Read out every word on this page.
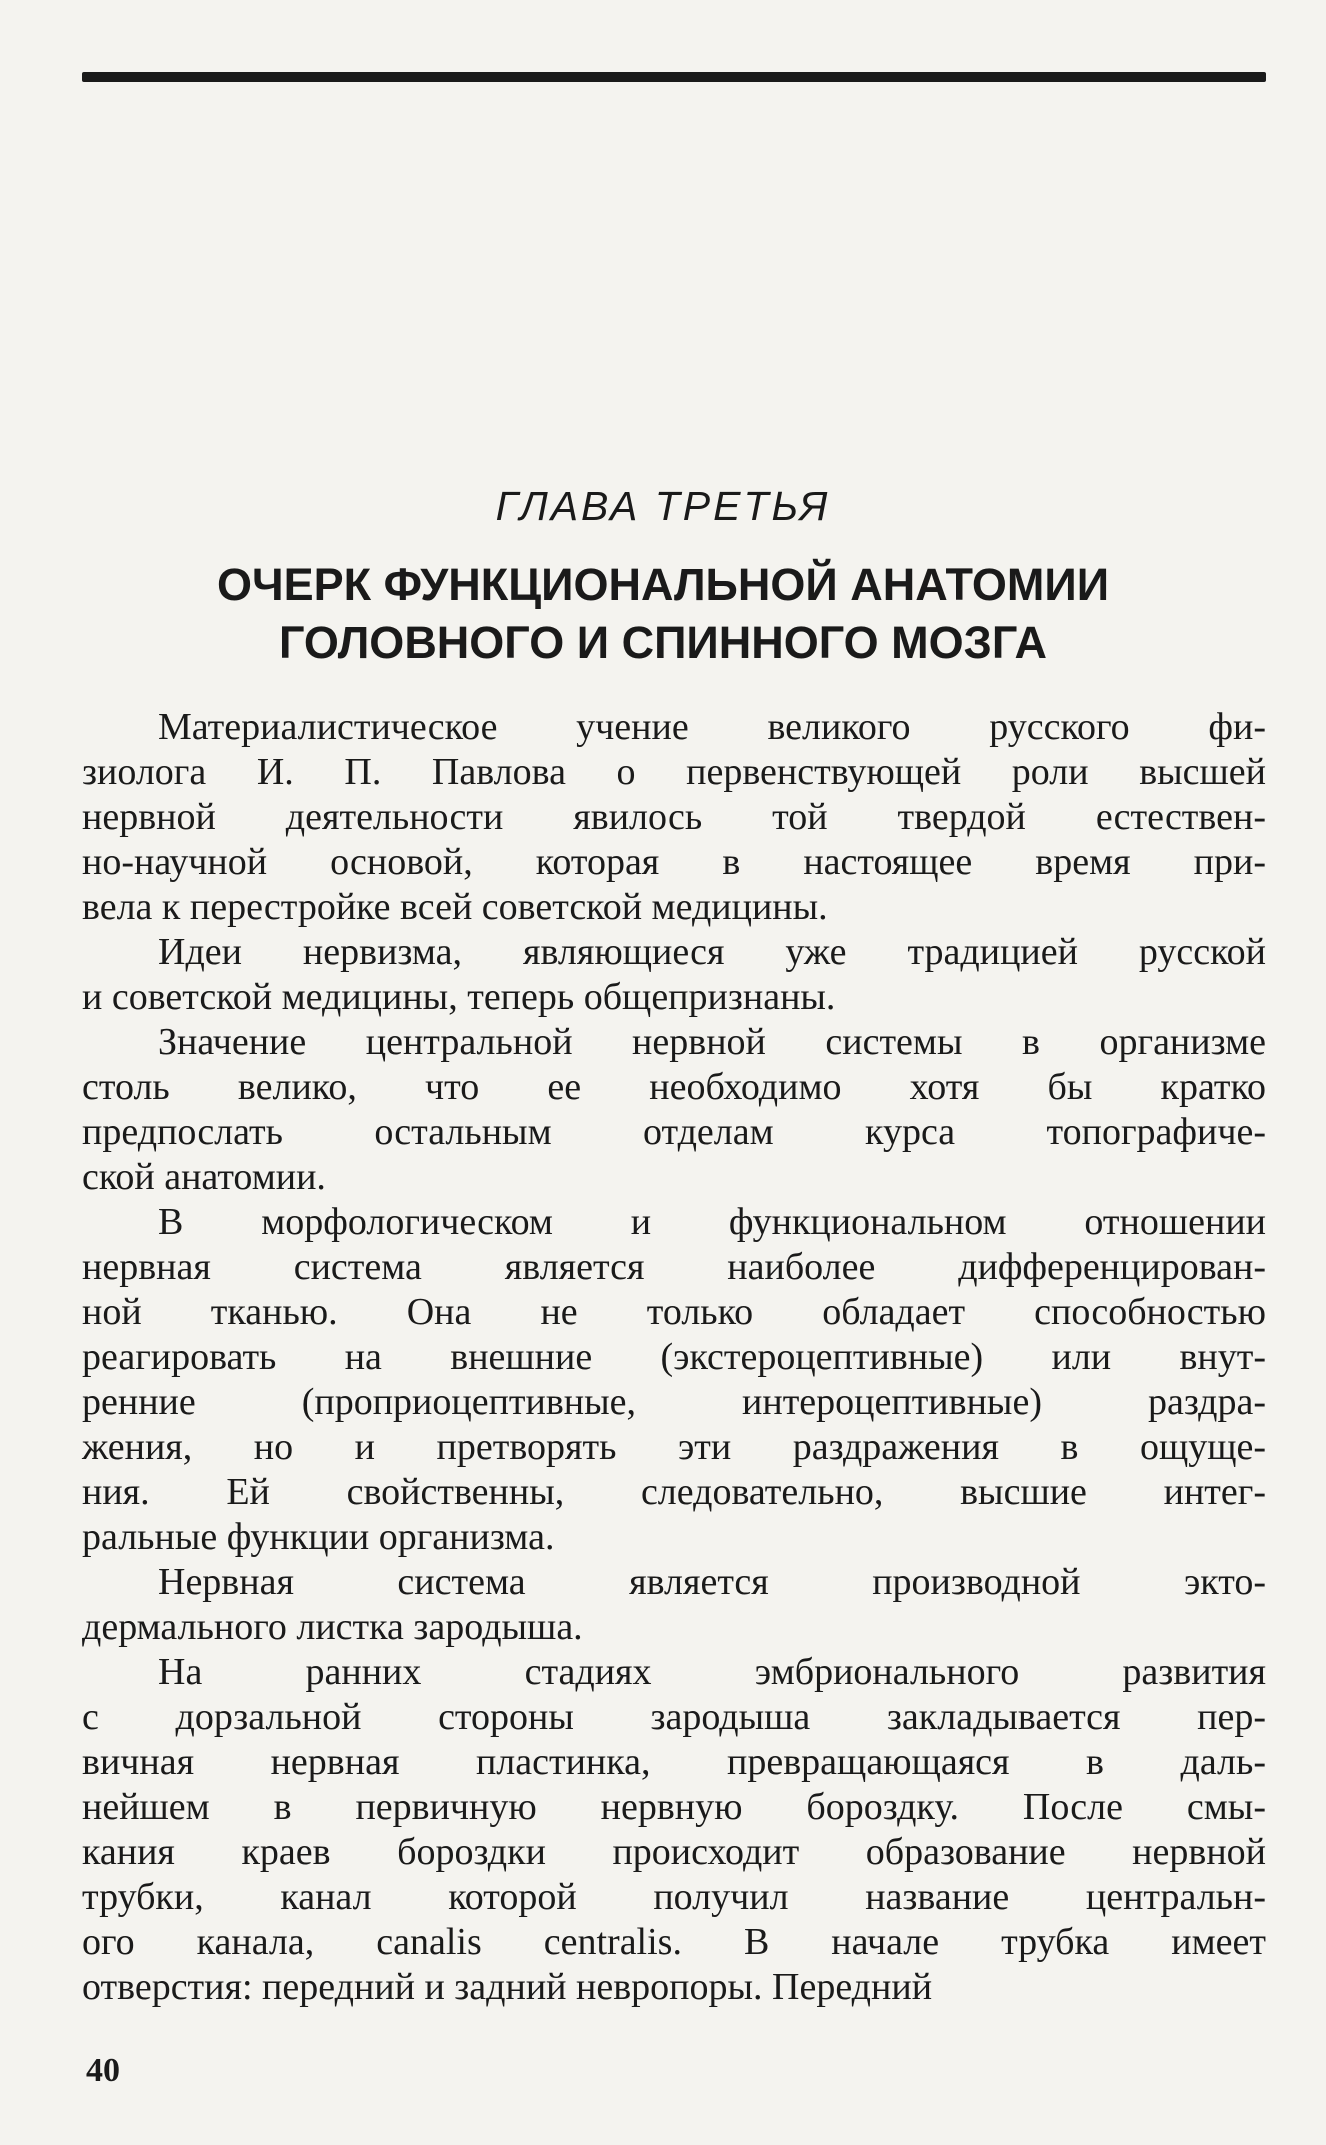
ГЛАВА ТРЕТЬЯ
ОЧЕРК ФУНКЦИОНАЛЬНОЙ АНАТОМИИ
ГОЛОВНОГО И СПИННОГО МОЗГА
Материалистическое учение великого русского фи-
зиолога И. П. Павлова о первенствующей роли высшей
нервной деятельности явилось той твердой естествен-
но-научной основой, которая в настоящее время при-
вела к перестройке всей советской медицины.
Идеи нервизма, являющиеся уже традицией русской
и советской медицины, теперь общепризнаны.
Значение центральной нервной системы в организме
столь велико, что ее необходимо хотя бы кратко
предпослать остальным отделам курса топографиче-
ской анатомии.
В морфологическом и функциональном отношении
нервная система является наиболее дифференцирован-
ной тканью. Она не только обладает способностью
реагировать на внешние (экстероцептивные) или внут-
ренние (проприоцептивные, интероцептивные) раздра-
жения, но и претворять эти раздражения в ощуще-
ния. Ей свойственны, следовательно, высшие интег-
ральные функции организма.
Нервная система является производной экто-
дермального листка зародыша.
На ранних стадиях эмбрионального развития
с дорзальной стороны зародыша закладывается пер-
вичная нервная пластинка, превращающаяся в даль-
нейшем в первичную нервную бороздку. После смы-
кания краев бороздки происходит образование нервной
трубки, канал которой получил название центральн-
ого канала, canalis centralis. В начале трубка имеет
отверстия: передний и задний невропоры. Передний
40
